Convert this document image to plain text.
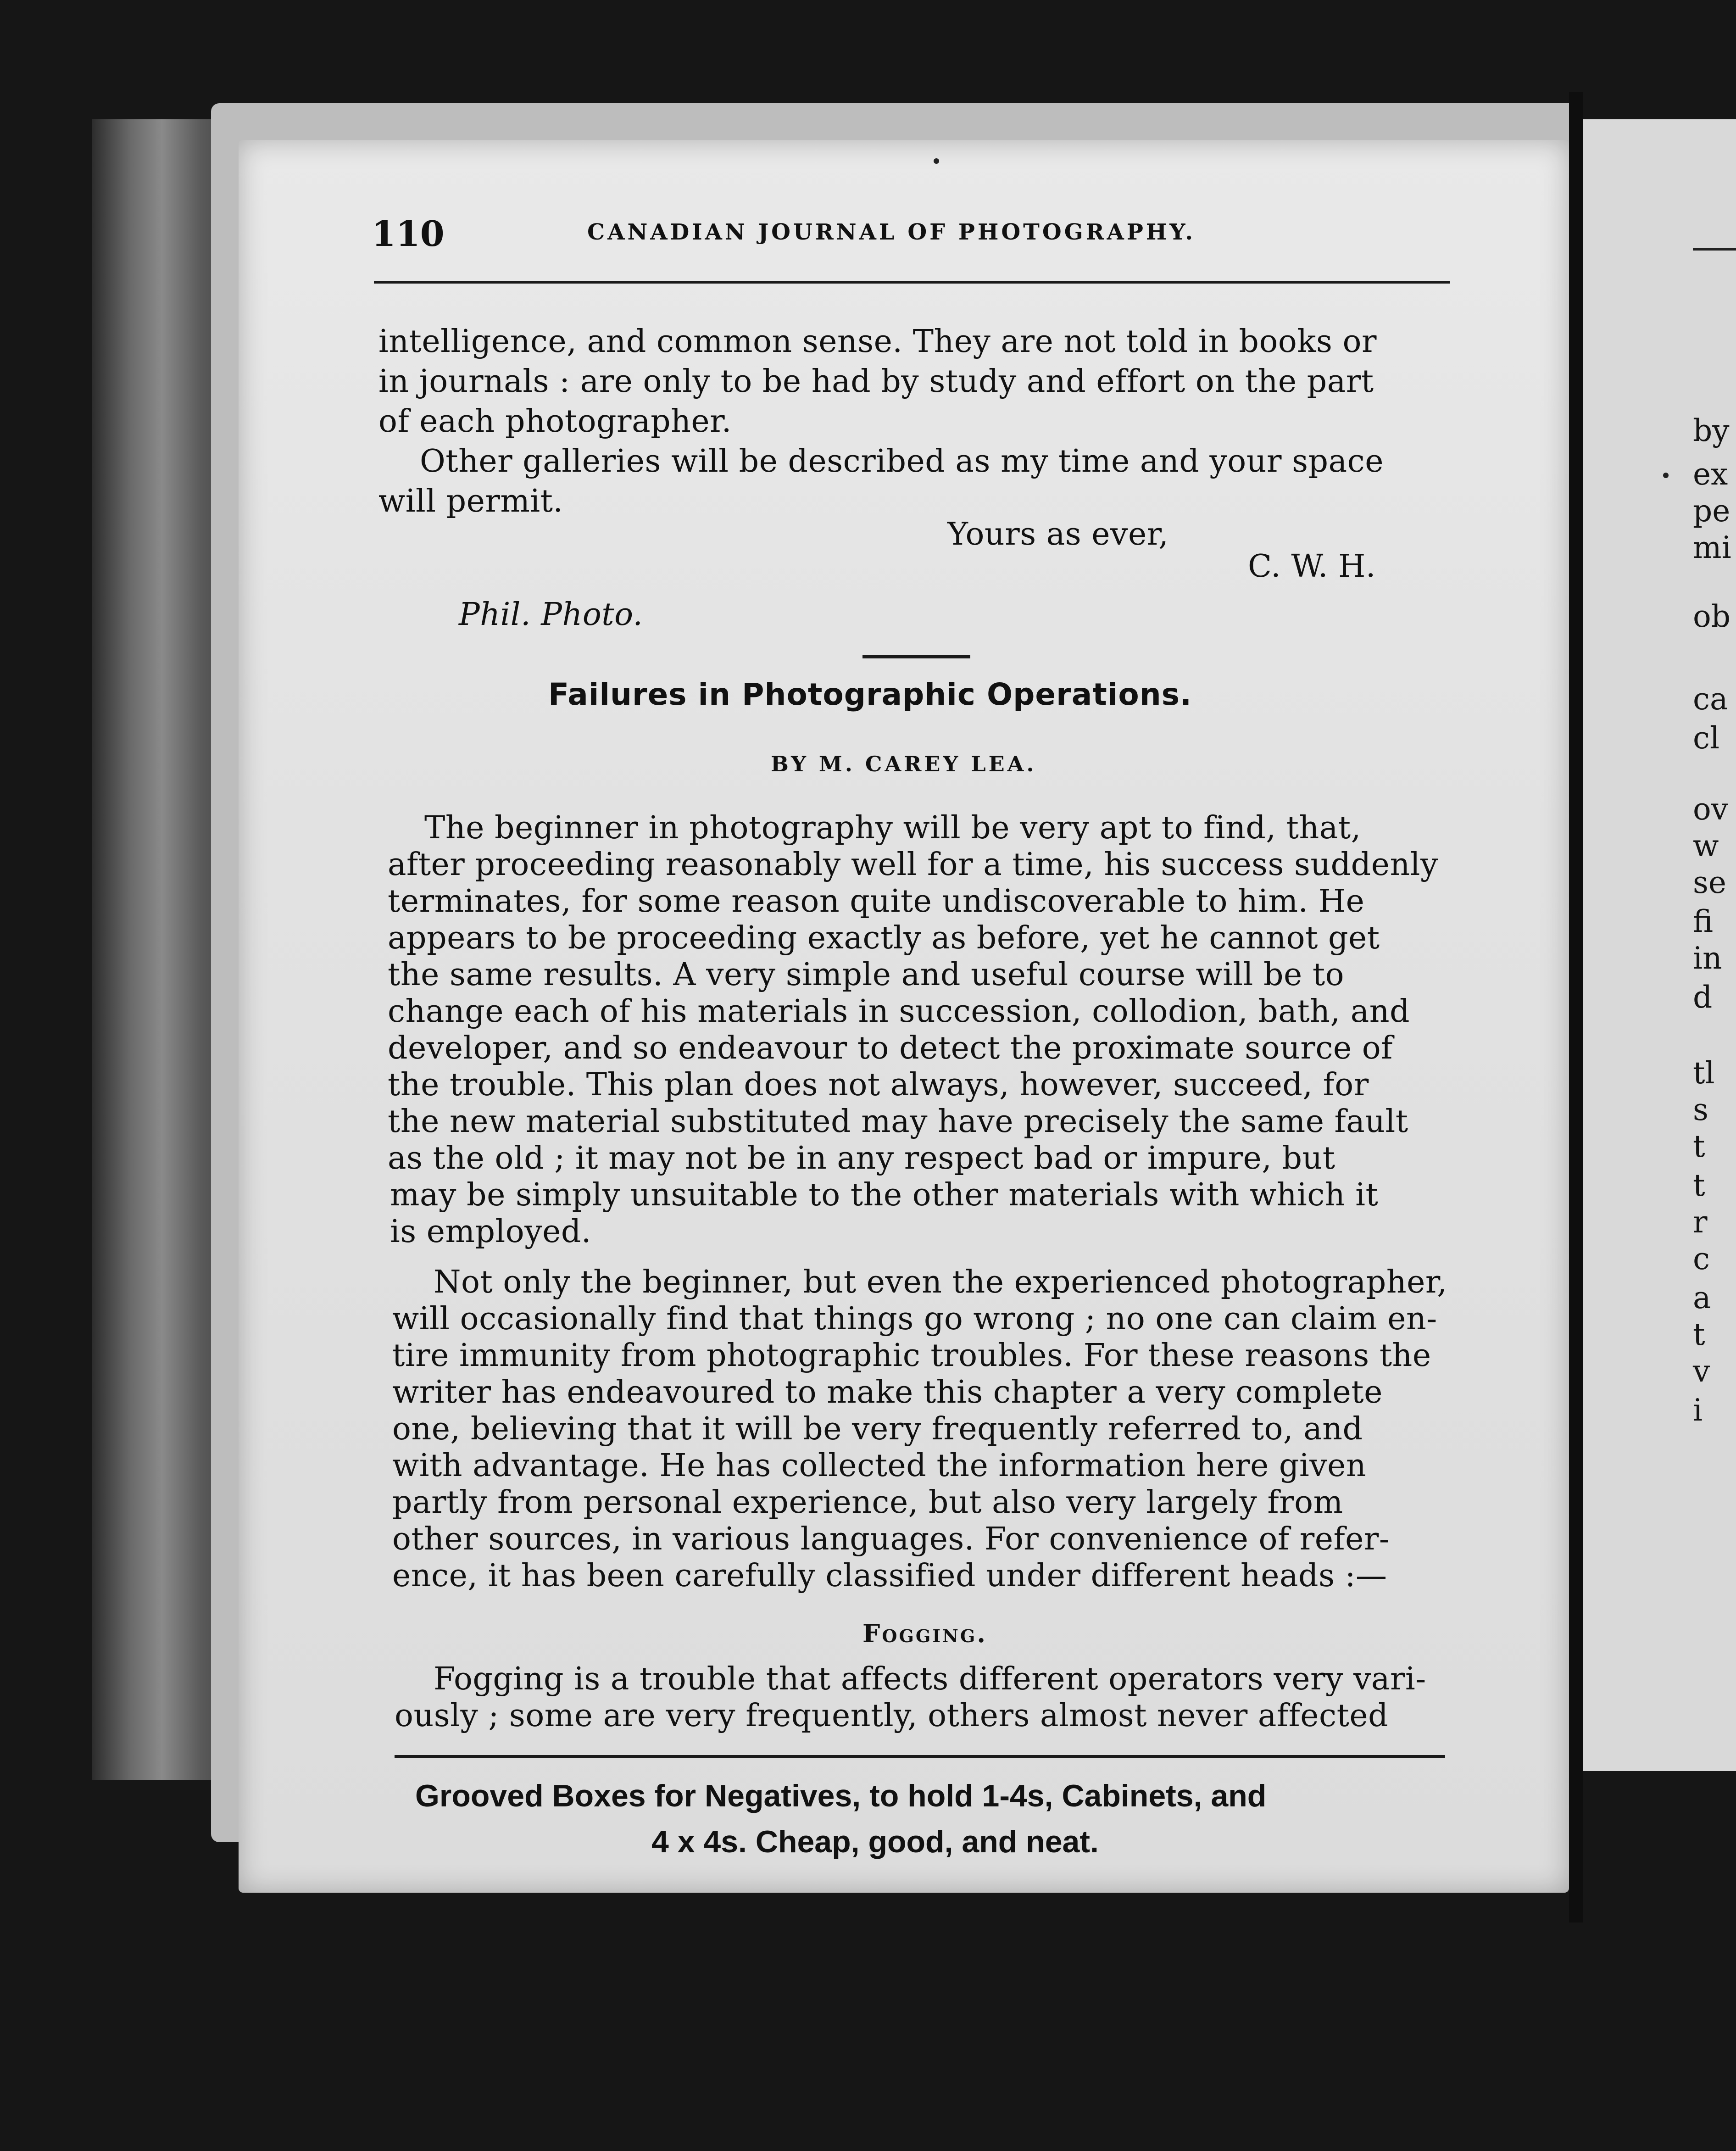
by
ex
pe
mi
ob
ca
cl
ov
w
se
fi
in
d
tl
s
t
t
r
c
a
t
v
i
110	CANADIAN JOURNAL OF PHOTOGRAPHY.
intelligence, and common sense. They are not told in books or
in journals : are only to be had by study and effort on the part
of each photographer.
Other galleries will be described as my time and your space
will permit.
Yours as ever,
C. W. H.
Phil. Photo.
Failures in Photographic Operations.
BY M. CAREY LEA.
The beginner in photography will be very apt to find, that,
after proceeding reasonably well for a time, his success suddenly
terminates, for some reason quite undiscoverable to him. He
appears to be proceeding exactly as before, yet he cannot get
the same results. A very simple and useful course will be to
change each of his materials in succession, collodion, bath, and
developer, and so endeavour to detect the proximate source of
the trouble. This plan does not always, however, succeed, for
the new material substituted may have precisely the same fault
as the old ; it may not be in any respect bad or impure, but
may be simply unsuitable to the other materials with which it
is employed.
Not only the beginner, but even the experienced photographer,
will occasionally find that things go wrong ; no one can claim en-
tire immunity from photographic troubles. For these reasons the
writer has endeavoured to make this chapter a very complete
one, believing that it will be very frequently referred to, and
with advantage. He has collected the information here given
partly from personal experience, but also very largely from
other sources, in various languages. For convenience of refer-
ence, it has been carefully classified under different heads :—
Fogging.
Fogging is a trouble that affects different operators very vari-
ously ; some are very frequently, others almost never affected
Grooved Boxes for Negatives, to hold 1-4s, Cabinets, and
4 x 4s. Cheap, good, and neat.
